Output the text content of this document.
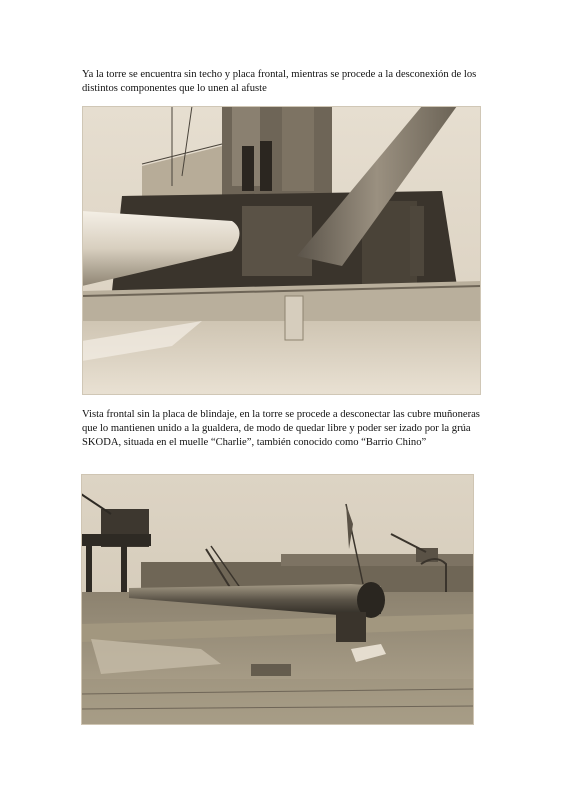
Ya la torre se encuentra sin techo y placa frontal, mientras se procede a la desconexión de los distintos componentes que lo unen al afuste

Vista frontal sin la placa de blindaje, en la torre se procede a desconectar las cubre muñoneras que lo mantienen unido a la gualdera, de modo de quedar libre y poder ser izado por la grúa SKODA, situada en el muelle “Charlie”, también conocido como “Barrio Chino”
